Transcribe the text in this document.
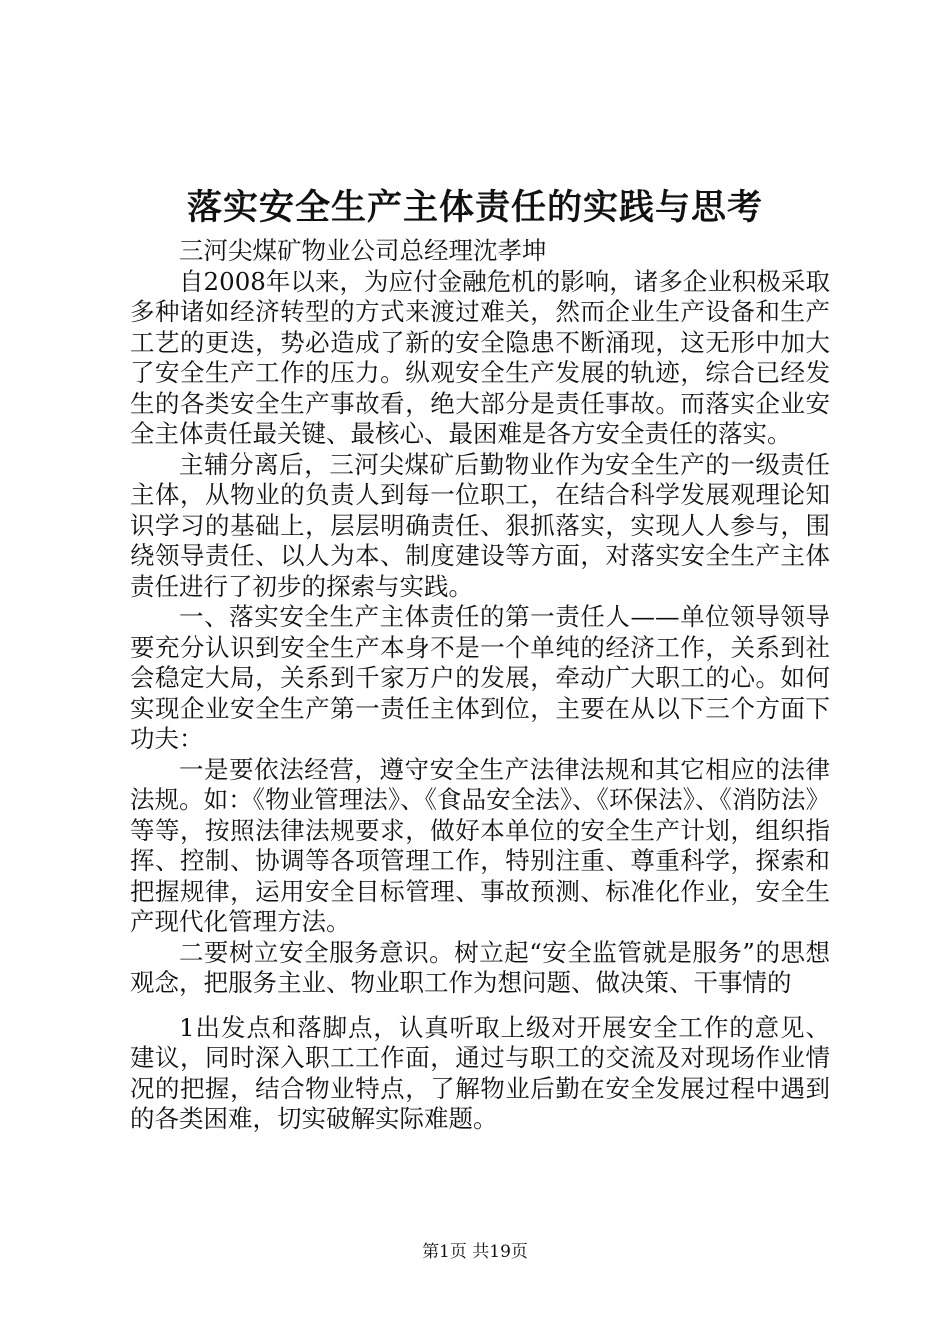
落实安全生产主体责任的实践与思考

三河尖煤矿物业公司总经理沈孝坤

自2008年以来，为应付金融危机的影响，诸多企业积极采取多种诸如经济转型的方式来渡过难关，然而企业生产设备和生产工艺的更迭，势必造成了新的安全隐患不断涌现，这无形中加大了安全生产工作的压力。纵观安全生产发展的轨迹，综合已经发生的各类安全生产事故看，绝大部分是责任事故。而落实企业安全主体责任最关键、最核心、最困难是各方安全责任的落实。

主辅分离后，三河尖煤矿后勤物业作为安全生产的一级责任主体，从物业的负责人到每一位职工，在结合科学发展观理论知识学习的基础上，层层明确责任、狠抓落实，实现人人参与，围绕领导责任、以人为本、制度建设等方面，对落实安全生产主体责任进行了初步的探索与实践。

一、落实安全生产主体责任的第一责任人——单位领导领导要充分认识到安全生产本身不是一个单纯的经济工作，关系到社会稳定大局，关系到千家万户的发展，牵动广大职工的心。如何实现企业安全生产第一责任主体到位，主要在从以下三个方面下功夫：

一是要依法经营，遵守安全生产法律法规和其它相应的法律法规。如：《物业管理法》、《食品安全法》、《环保法》、《消防法》等等，按照法律法规要求，做好本单位的安全生产计划，组织指挥、控制、协调等各项管理工作，特别注重、尊重科学，探索和把握规律，运用安全目标管理、事故预测、标准化作业，安全生产现代化管理方法。

二要树立安全服务意识。树立起“安全监管就是服务”的思想观念，把服务主业、物业职工作为想问题、做决策、干事情的

1出发点和落脚点，认真听取上级对开展安全工作的意见、建议，同时深入职工工作面，通过与职工的交流及对现场作业情况的把握，结合物业特点，了解物业后勤在安全发展过程中遇到的各类困难，切实破解实际难题。

第1页 共19页
